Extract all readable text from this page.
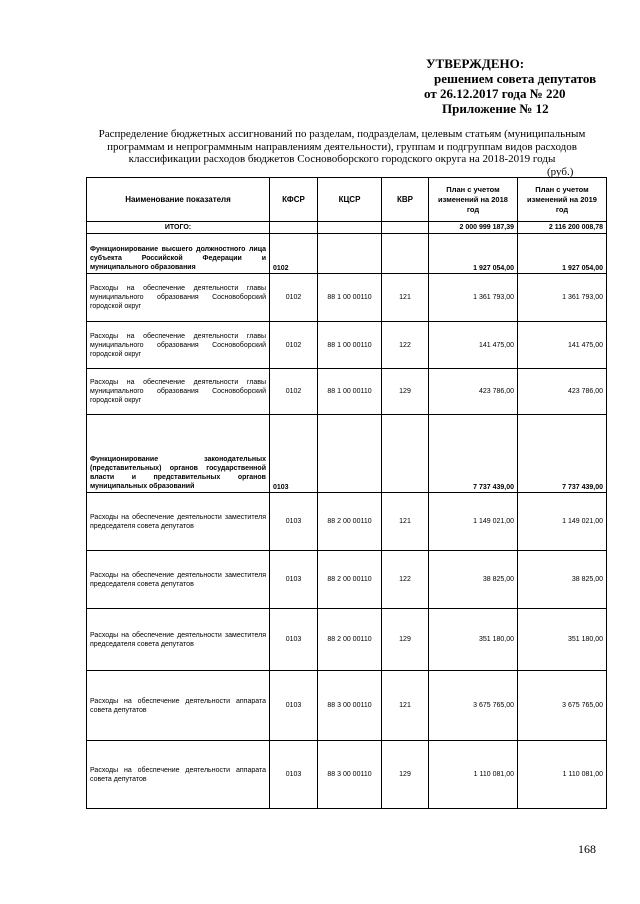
УТВЕРЖДЕНО:
решением совета депутатов
от 26.12.2017 года № 220
Приложение № 12
Распределение бюджетных ассигнований по разделам, подразделам, целевым статьям (муниципальным программам и непрограммным направлениям деятельности), группам и подгруппам видов расходов классификации расходов бюджетов Сосновоборского городского округа на 2018-2019 годы
(руб.)
Наименование показателя	КФСР	КЦСР	КВР	План с учетом изменений на 2018 год	План с учетом изменений на 2019 год
ИТОГО:				2 000 999 187,39	2 116 200 008,78
Функционирование высшего должностного лица субъекта Российской Федерации и муниципального образования	0102			1 927 054,00	1 927 054,00
Расходы на обеспечение деятельности главы муниципального образования Сосновоборский городской округ	0102	88 1 00 00110	121	1 361 793,00	1 361 793,00
Расходы на обеспечение деятельности главы муниципального образования Сосновоборский городской округ	0102	88 1 00 00110	122	141 475,00	141 475,00
Расходы на обеспечение деятельности главы муниципального образования Сосновоборский городской округ	0102	88 1 00 00110	129	423 786,00	423 786,00
Функционирование законодательных (представительных) органов государственной власти и представительных органов муниципальных образований	0103			7 737 439,00	7 737 439,00
Расходы на обеспечение деятельности заместителя председателя совета депутатов	0103	88 2 00 00110	121	1 149 021,00	1 149 021,00
Расходы на обеспечение деятельности заместителя председателя совета депутатов	0103	88 2 00 00110	122	38 825,00	38 825,00
Расходы на обеспечение деятельности заместителя председателя совета депутатов	0103	88 2 00 00110	129	351 180,00	351 180,00
Расходы на обеспечение деятельности аппарата совета депутатов	0103	88 3 00 00110	121	3 675 765,00	3 675 765,00
Расходы на обеспечение деятельности аппарата совета депутатов	0103	88 3 00 00110	129	1 110 081,00	1 110 081,00
168
